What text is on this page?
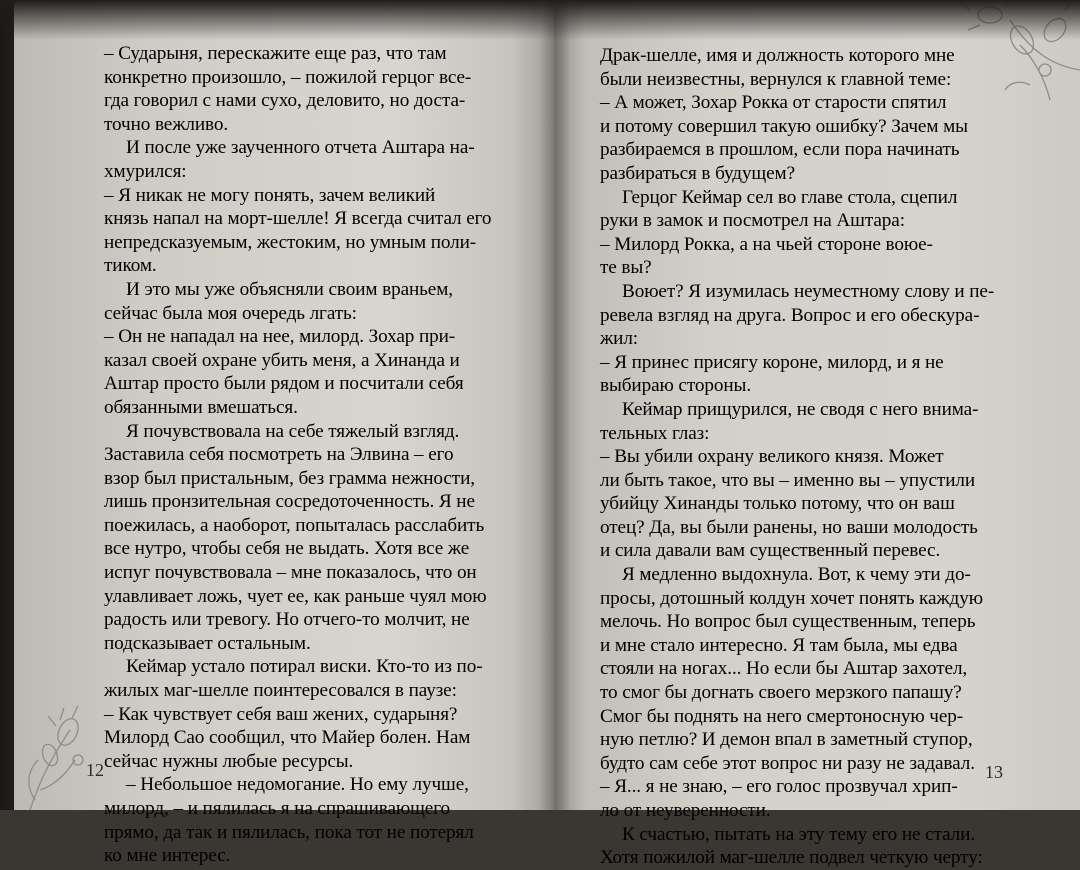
– Сударыня, перескажите еще раз, что там
конкретно произошло, – пожилой герцог все-
гда говорил с нами сухо, деловито, но доста-
точно вежливо.
И после уже заученного отчета Аштара на-
хмурился:
– Я никак не могу понять, зачем великий
князь напал на морт-шелле! Я всегда считал его
непредсказуемым, жестоким, но умным поли-
тиком.
И это мы уже объясняли своим враньем,
сейчас была моя очередь лгать:
– Он не нападал на нее, милорд. Зохар при-
казал своей охране убить меня, а Хинанда и
Аштар просто были рядом и посчитали себя
обязанными вмешаться.
Я почувствовала на себе тяжелый взгляд.
Заставила себя посмотреть на Элвина – его
взор был пристальным, без грамма нежности,
лишь пронзительная сосредоточенность. Я не
поежилась, а наоборот, попыталась расслабить
все нутро, чтобы себя не выдать. Хотя все же
испуг почувствовала – мне показалось, что он
улавливает ложь, чует ее, как раньше чуял мою
радость или тревогу. Но отчего-то молчит, не
подсказывает остальным.
Кеймар устало потирал виски. Кто-то из по-
жилых маг-шелле поинтересовался в паузе:
– Как чувствует себя ваш жених, сударыня?
Милорд Сао сообщил, что Майер болен. Нам
сейчас нужны любые ресурсы.
– Небольшое недомогание. Но ему лучше,
милорд, – и пялилась я на спрашивающего
прямо, да так и пялилась, пока тот не потерял
ко мне интерес.
Драк-шелле, имя и должность которого мне
были неизвестны, вернулся к главной теме:
– А может, Зохар Рокка от старости спятил
и потому совершил такую ошибку? Зачем мы
разбираемся в прошлом, если пора начинать
разбираться в будущем?
Герцог Кеймар сел во главе стола, сцепил
руки в замок и посмотрел на Аштара:
– Милорд Рокка, а на чьей стороне воюе-
те вы?
Воюет? Я изумилась неуместному слову и пе-
ревела взгляд на друга. Вопрос и его обескура-
жил:
– Я принес присягу короне, милорд, и я не
выбираю стороны.
Кеймар прищурился, не сводя с него внима-
тельных глаз:
– Вы убили охрану великого князя. Может
ли быть такое, что вы – именно вы – упустили
убийцу Хинанды только потому, что он ваш
отец? Да, вы были ранены, но ваши молодость
и сила давали вам существенный перевес.
Я медленно выдохнула. Вот, к чему эти до-
просы, дотошный колдун хочет понять каждую
мелочь. Но вопрос был существенным, теперь
и мне стало интересно. Я там была, мы едва
стояли на ногах... Но если бы Аштар захотел,
то смог бы догнать своего мерзкого папашу?
Смог бы поднять на него смертоносную чер-
ную петлю? И демон впал в заметный ступор,
будто сам себе этот вопрос ни разу не задавал.
– Я... я не знаю, – его голос прозвучал хрип-
ло от неуверенности.
К счастью, пытать на эту тему его не стали.
Хотя пожилой маг-шелле подвел четкую черту:
12	13
